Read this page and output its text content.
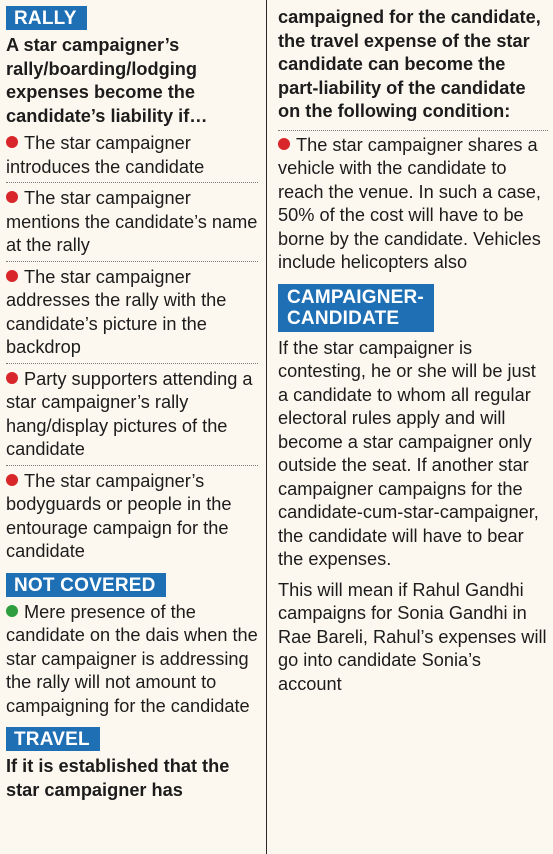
RALLY

A star campaigner’s rally/boarding/lodging expenses become the candidate’s liability if…

The star campaigner introduces the candidate
The star campaigner mentions the candidate’s name at the rally
The star campaigner addresses the rally with the candidate’s picture in the backdrop
Party supporters attending a star campaigner’s rally hang/display pictures of the candidate
The star campaigner’s bodyguards or people in the entourage campaign for the candidate
NOT COVERED
Mere presence of the candidate on the dais when the star campaigner is addressing the rally will not amount to campaigning for the candidate
TRAVEL

If it is established that the star campaigner has

campaigned for the candidate, the travel expense of the star candidate can become the part-liability of the candidate on the following condition:

The star campaigner shares a vehicle with the candidate to reach the venue. In such a case, 50% of the cost will have to be borne by the candidate. Vehicles include helicopters also
CAMPAIGNER-
CANDIDATE

If the star campaigner is contesting, he or she will be just a candidate to whom all regular electoral rules apply and will become a star campaigner only outside the seat. If another star campaigner campaigns for the candidate-cum-star-campaigner, the candidate will have to bear the expenses.

This will mean if Rahul Gandhi campaigns for Sonia Gandhi in Rae Bareli, Rahul’s expenses will go into candidate Sonia’s account
